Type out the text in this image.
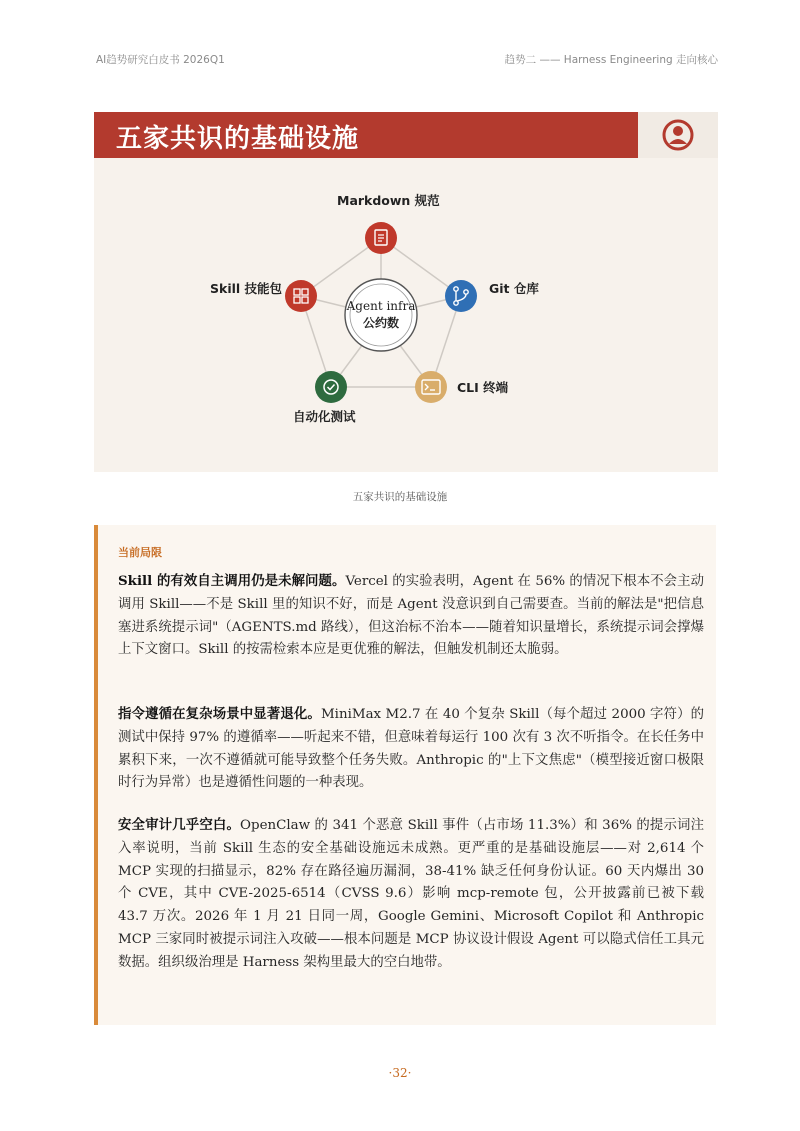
AI趋势研究白皮书 2026Q1	趋势二 —— Harness Engineering 走向核心
五家共识的基础设施
Markdown 规范
Git 仓库
CLI 终端
自动化测试
Skill 技能包
Agent infra
公约数
五家共识的基础设施
当前局限
Skill 的有效自主调用仍是未解问题。Vercel 的实验表明，Agent 在 56% 的情况下根本不会主动调用 Skill——不是 Skill 里的知识不好，而是 Agent 没意识到自己需要查。当前的解法是"把信息塞进系统提示词"（AGENTS.md 路线），但这治标不治本——随着知识量增长，系统提示词会撑爆上下文窗口。Skill 的按需检索本应是更优雅的解法，但触发机制还太脆弱。
指令遵循在复杂场景中显著退化。MiniMax M2.7 在 40 个复杂 Skill（每个超过 2000 字符）的测试中保持 97% 的遵循率——听起来不错，但意味着每运行 100 次有 3 次不听指令。在长任务中累积下来，一次不遵循就可能导致整个任务失败。Anthropic 的"上下文焦虑"（模型接近窗口极限时行为异常）也是遵循性问题的一种表现。
安全审计几乎空白。OpenClaw 的 341 个恶意 Skill 事件（占市场 11.3%）和 36% 的提示词注入率说明，当前 Skill 生态的安全基础设施远未成熟。更严重的是基础设施层——对 2,614 个 MCP 实现的扫描显示，82% 存在路径遍历漏洞，38-41% 缺乏任何身份认证。60 天内爆出 30 个 CVE，其中 CVE-2025-6514（CVSS 9.6）影响 mcp-remote 包，公开披露前已被下载 43.7 万次。2026 年 1 月 21 日同一周，Google Gemini、Microsoft Copilot 和 Anthropic MCP 三家同时被提示词注入攻破——根本问题是 MCP 协议设计假设 Agent 可以隐式信任工具元数据。组织级治理是 Harness 架构里最大的空白地带。
·32·
